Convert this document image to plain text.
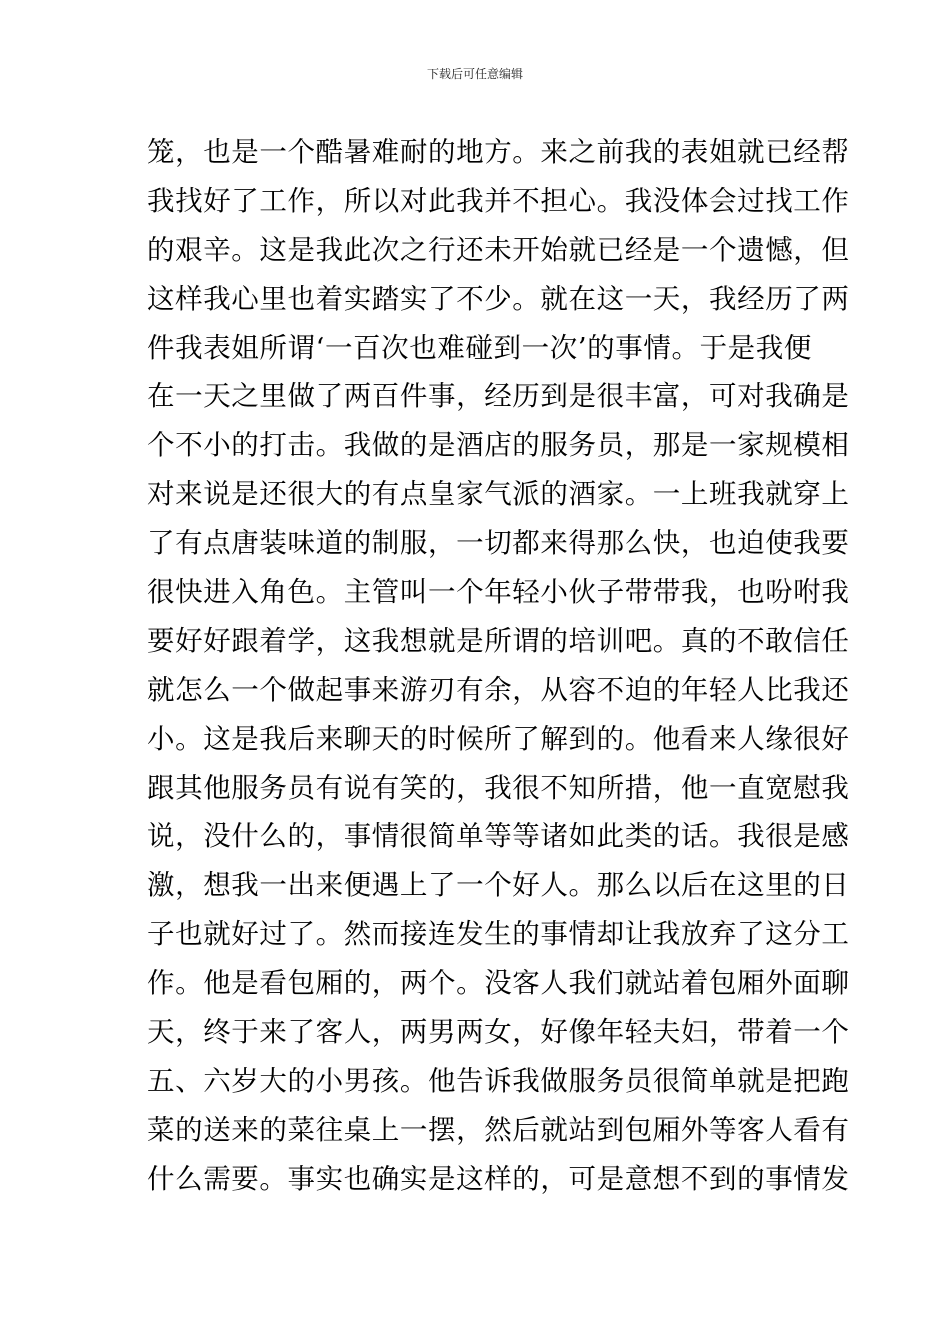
下载后可任意编辑
笼，也是一个酷暑难耐的地方。来之前我的表姐就已经帮
我找好了工作，所以对此我并不担心。我没体会过找工作
的艰辛。这是我此次之行还未开始就已经是一个遗憾，但
这样我心里也着实踏实了不少。就在这一天，我经历了两
件我表姐所谓‘一百次也难碰到一次’的事情。于是我便
在一天之里做了两百件事，经历到是很丰富，可对我确是
个不小的打击。我做的是酒店的服务员，那是一家规模相
对来说是还很大的有点皇家气派的酒家。一上班我就穿上
了有点唐装味道的制服，一切都来得那么快，也迫使我要
很快进入角色。主管叫一个年轻小伙子带带我，也吩咐我
要好好跟着学，这我想就是所谓的培训吧。真的不敢信任
就怎么一个做起事来游刃有余，从容不迫的年轻人比我还
小。这是我后来聊天的时候所了解到的。他看来人缘很好
跟其他服务员有说有笑的，我很不知所措，他一直宽慰我
说，没什么的，事情很简单等等诸如此类的话。我很是感
激，想我一出来便遇上了一个好人。那么以后在这里的日
子也就好过了。然而接连发生的事情却让我放弃了这分工
作。他是看包厢的，两个。没客人我们就站着包厢外面聊
天，终于来了客人，两男两女，好像年轻夫妇，带着一个
五、六岁大的小男孩。他告诉我做服务员很简单就是把跑
菜的送来的菜往桌上一摆，然后就站到包厢外等客人看有
什么需要。事实也确实是这样的，可是意想不到的事情发
